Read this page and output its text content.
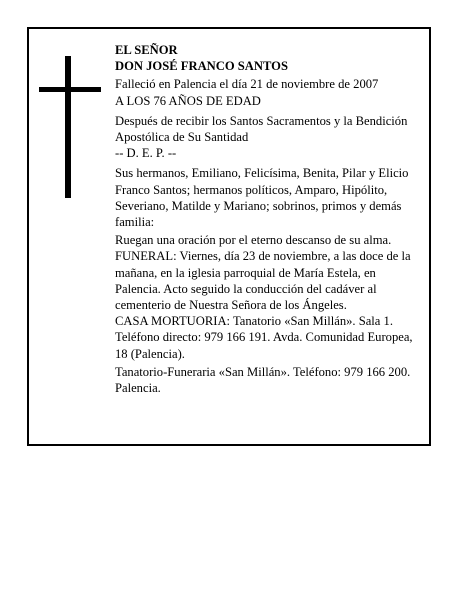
EL SEÑOR

DON JOSÉ FRANCO SANTOS

Falleció en Palencia el día 21 de noviembre de 2007

A LOS 76 AÑOS DE EDAD

Después de recibir los Santos Sacramentos y la Bendición Apostólica de Su Santidad

-- D. E. P. --

Sus hermanos, Emiliano, Felicísima, Benita, Pilar y Elicio Franco Santos; hermanos políticos, Amparo, Hipólito, Severiano, Matilde y Mariano; sobrinos, primos y demás familia:

Ruegan una oración por el eterno descanso de su alma.

FUNERAL: Viernes, día 23 de noviembre, a las doce de la mañana, en la iglesia parroquial de María Estela, en Palencia. Acto seguido la conducción del cadáver al cementerio de Nuestra Señora de los Ángeles.

CASA MORTUORIA: Tanatorio «San Millán». Sala 1. Teléfono directo: 979 166 191. Avda. Comunidad Europea, 18 (Palencia).

Tanatorio-Funeraria «San Millán». Teléfono: 979 166 200. Palencia.
